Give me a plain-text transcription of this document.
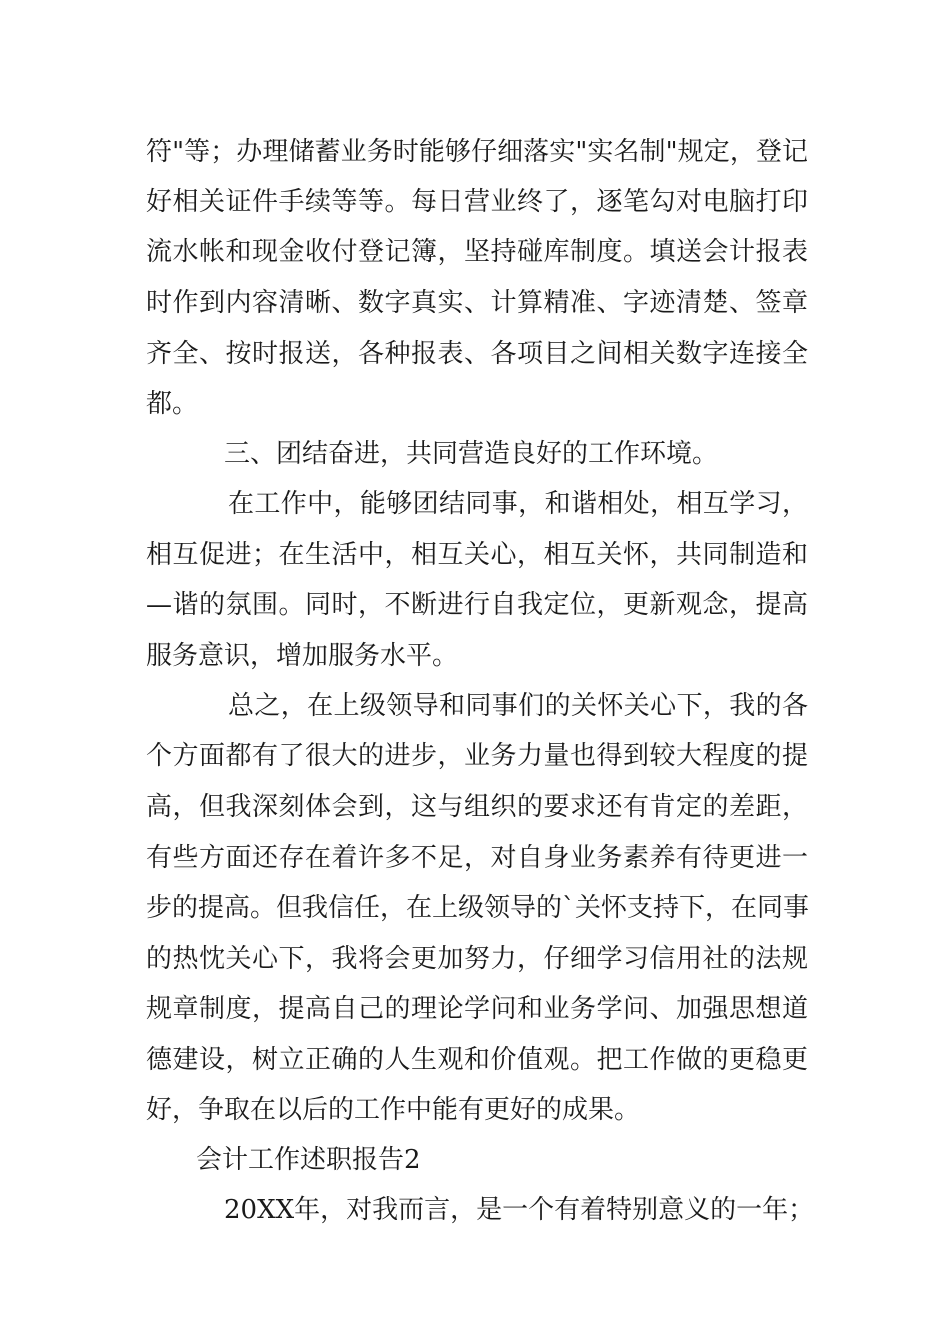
符"等；办理储蓄业务时能够仔细落实"实名制"规定，登记
好相关证件手续等等。每日营业终了，逐笔勾对电脑打印
流水帐和现金收付登记簿，坚持碰库制度。填送会计报表
时作到内容清晰、数字真实、计算精准、字迹清楚、签章
齐全、按时报送，各种报表、各项目之间相关数字连接全
都。
三、团结奋进，共同营造良好的工作环境。
在工作中，能够团结同事，和谐相处，相互学习，
相互促进；在生活中，相互关心，相互关怀，共同制造和
—谐的氛围。同时，不断进行自我定位，更新观念，提高
服务意识，增加服务水平。
总之，在上级领导和同事们的关怀关心下，我的各
个方面都有了很大的进步，业务力量也得到较大程度的提
高，但我深刻体会到，这与组织的要求还有肯定的差距，
有些方面还存在着许多不足，对自身业务素养有待更进一
步的提高。但我信任，在上级领导的`关怀支持下，在同事
的热忱关心下，我将会更加努力，仔细学习信用社的法规
规章制度，提高自己的理论学问和业务学问、加强思想道
德建设，树立正确的人生观和价值观。把工作做的更稳更
好，争取在以后的工作中能有更好的成果。
会计工作述职报告2
20XX年，对我而言，是一个有着特别意义的一年；
